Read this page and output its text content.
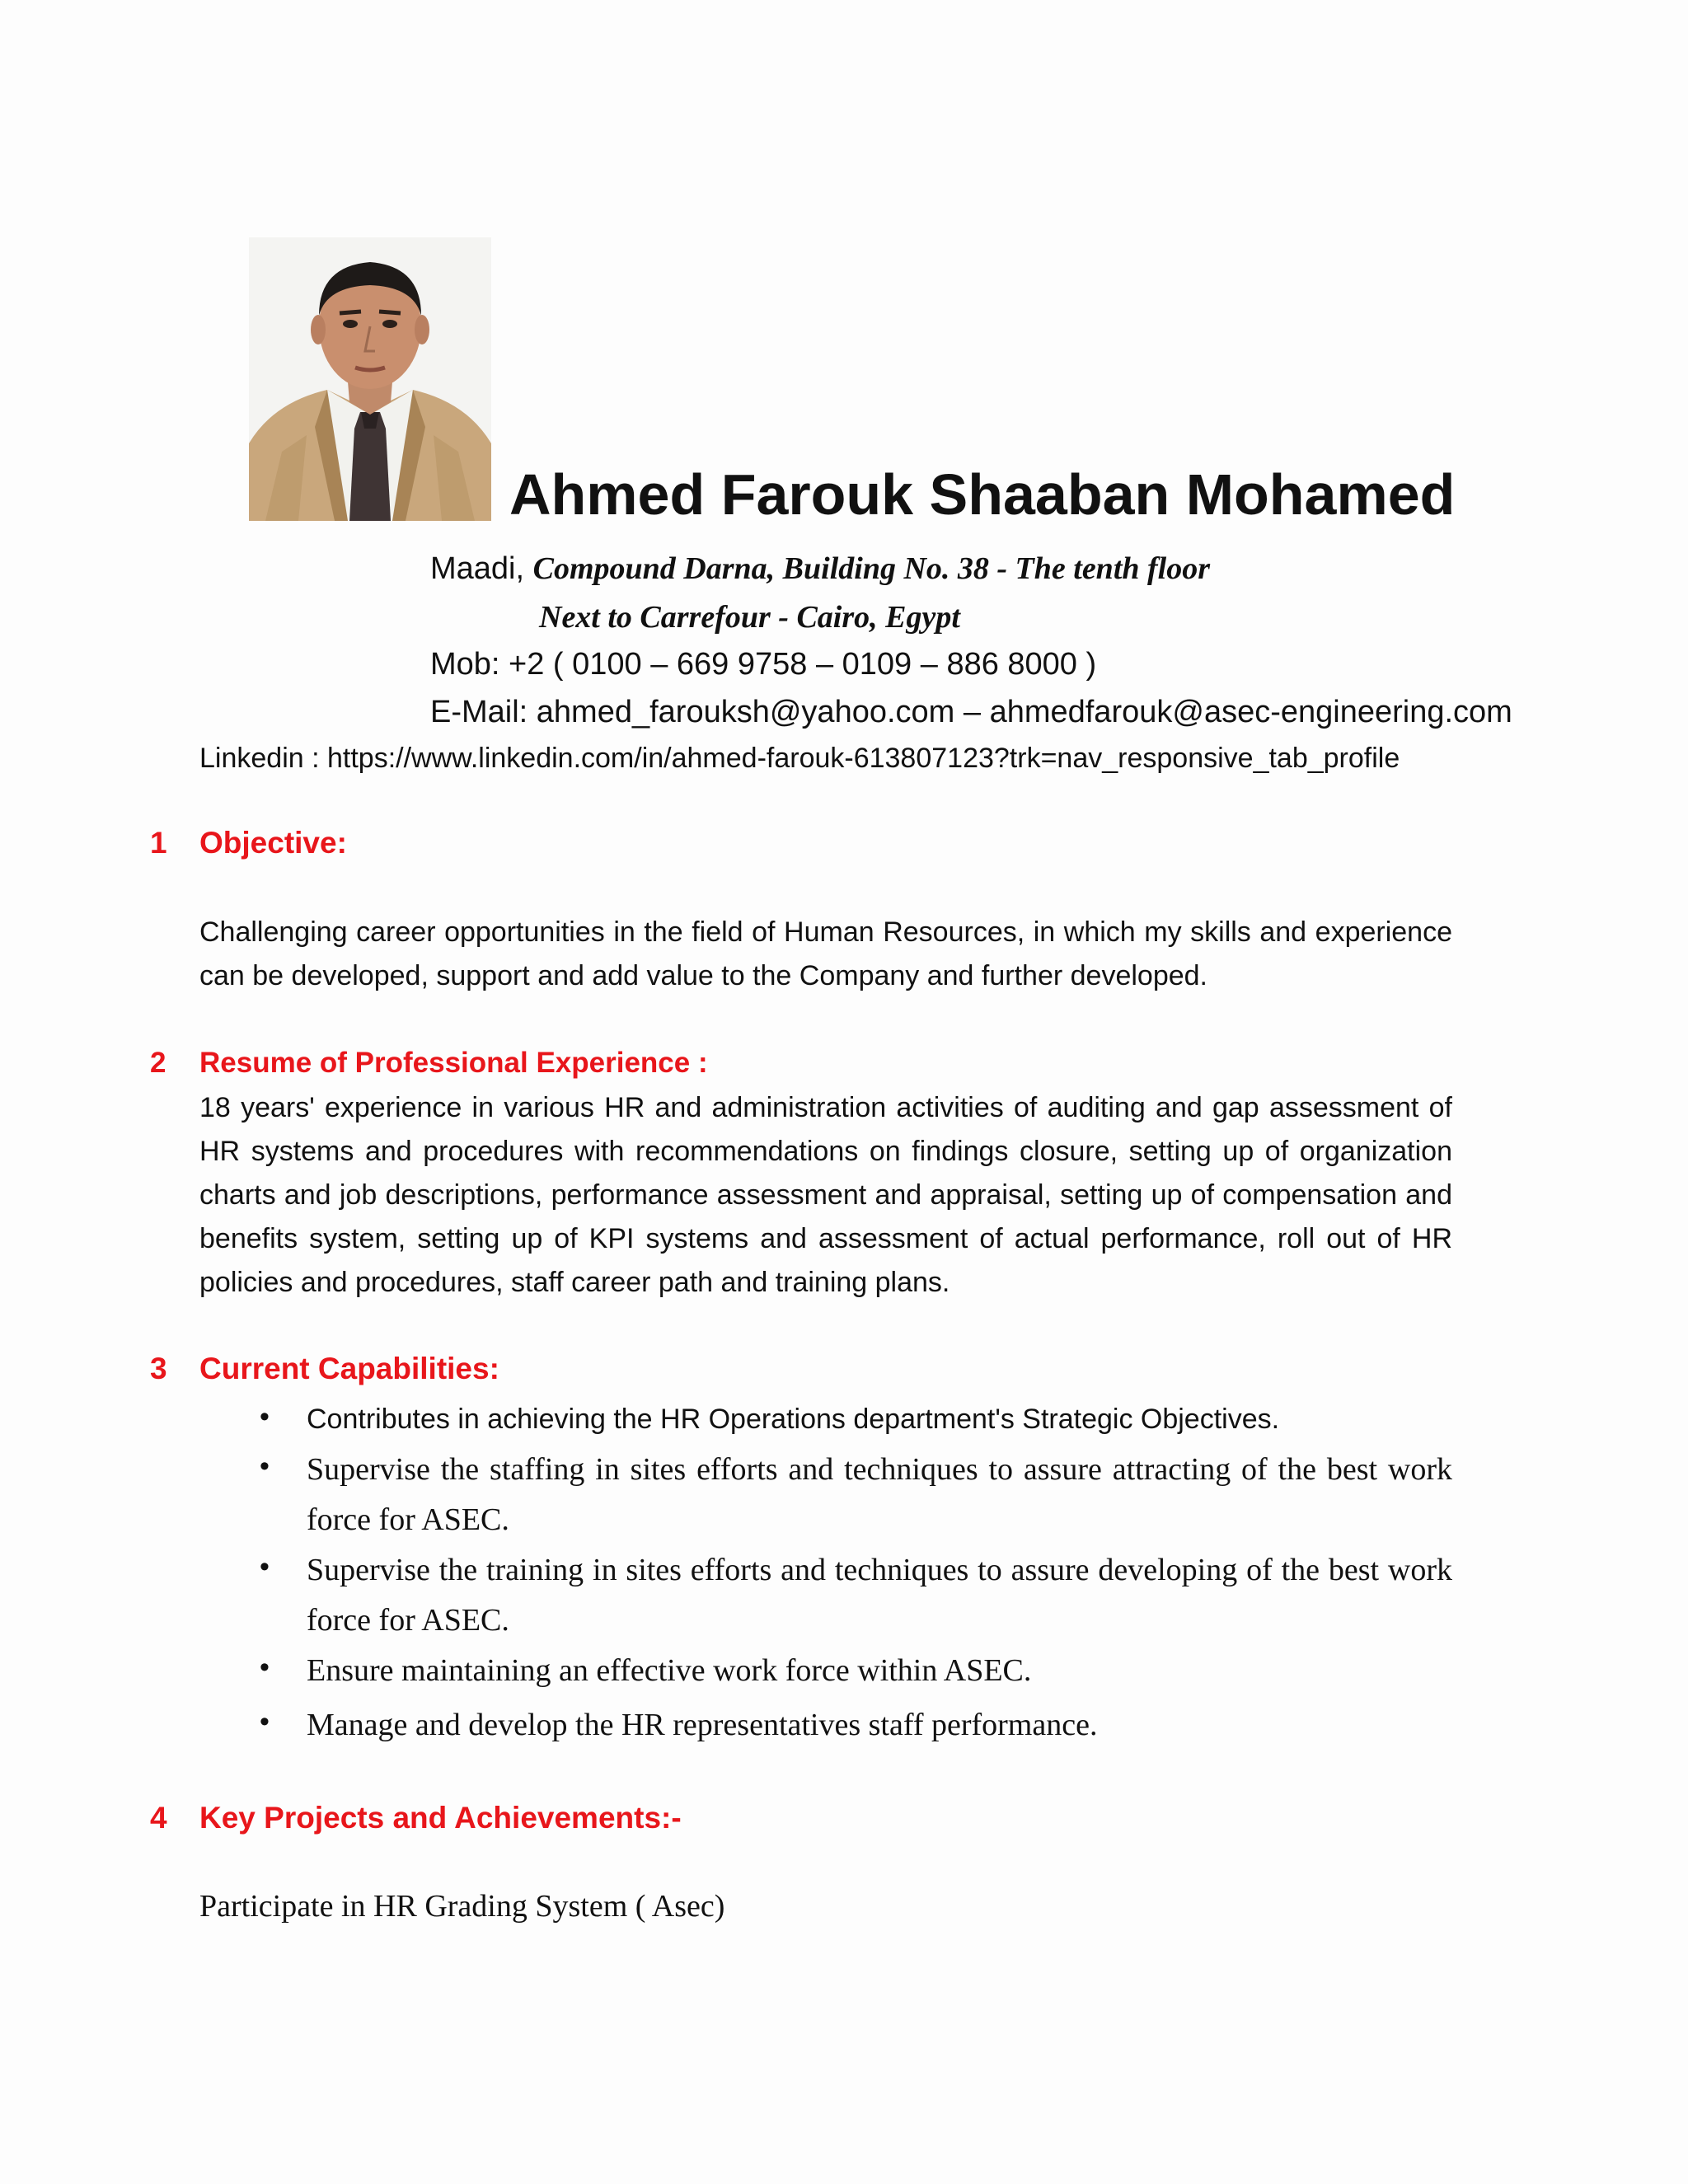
Ahmed Farouk Shaaban Mohamed
Maadi, Compound Darna, Building No. 38 - The tenth floor
Next to Carrefour - Cairo, Egypt
Mob: +2 ( 0100 – 669 9758 – 0109 – 886 8000 )
E-Mail: ahmed_farouksh@yahoo.com – ahmedfarouk@asec-engineering.com
Linkedin : https://www.linkedin.com/in/ahmed-farouk-613807123?trk=nav_responsive_tab_profile
1 Objective:
Challenging career opportunities in the field of Human Resources, in which my skills and experience can be developed, support and add value to the Company and further developed.
2 Resume of Professional Experience :
18 years' experience in various HR and administration activities of auditing and gap assessment of HR systems and procedures with recommendations on findings closure, setting up of organization charts and job descriptions, performance assessment and appraisal, setting up of compensation and benefits system, setting up of KPI systems and assessment of actual performance, roll out of HR policies and procedures, staff career path and training plans.
3 Current Capabilities:
• Contributes in achieving the HR Operations department's Strategic Objectives.
• Supervise the staffing in sites efforts and techniques to assure attracting of the best work force for ASEC.
• Supervise the training in sites efforts and techniques to assure developing of the best work force for ASEC.
• Ensure maintaining an effective work force within ASEC.
• Manage and develop the HR representatives staff performance.
4 Key Projects and Achievements:-
Participate in HR Grading System ( Asec)
